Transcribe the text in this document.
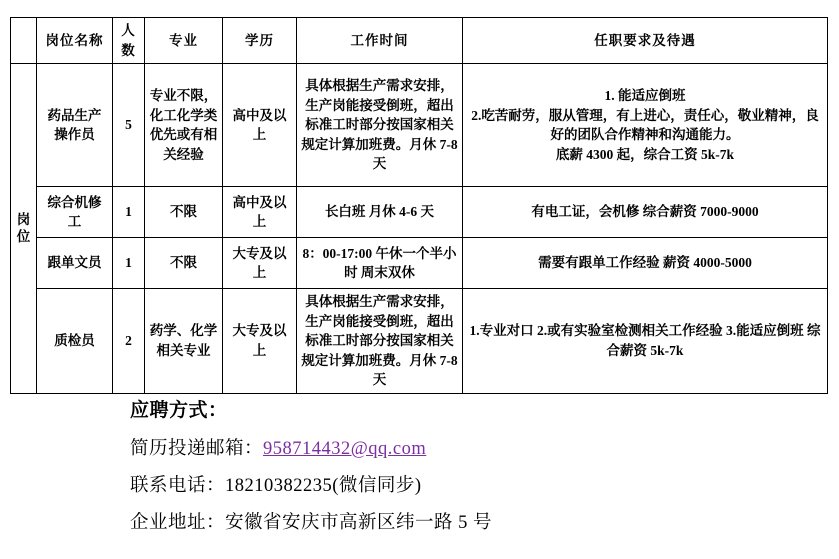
	岗位名称	人数	专业	学历	工作时间	任职要求及待遇

岗
位
	药品生产操作员	5	专业不限，化工化学类优先或有相关经验	高中及以上	具体根据生产需求安排，生产岗能接受倒班，超出标准工时部分按国家相关规定计算加班费。月休 7-8 天	
1. 能适应倒班
2.吃苦耐劳，服从管理，有上进心，责任心，敬业精神，良好的团队合作精神和沟通能力。
底薪 4300 起，综合工资 5k-7k

	综合机修工	1	不限	高中及以上	长白班 月休 4-6 天	有电工证，会机修 综合薪资 7000-9000

	跟单文员	1	不限	大专及以上	8：00-17:00 午休一个半小时 周末双休	需要有跟单工作经验 薪资 4000-5000

	质检员	2	药学、化学相关专业	大专及以上	具体根据生产需求安排，生产岗能接受倒班，超出标准工时部分按国家相关规定计算加班费。月休 7-8 天	1.专业对口 2.或有实验室检测相关工作经验 3.能适应倒班 综合薪资 5k-7k
应聘方式：
简历投递邮箱：958714432@qq.com
联系电话：18210382235(微信同步)
企业地址：安徽省安庆市高新区纬一路 5 号
